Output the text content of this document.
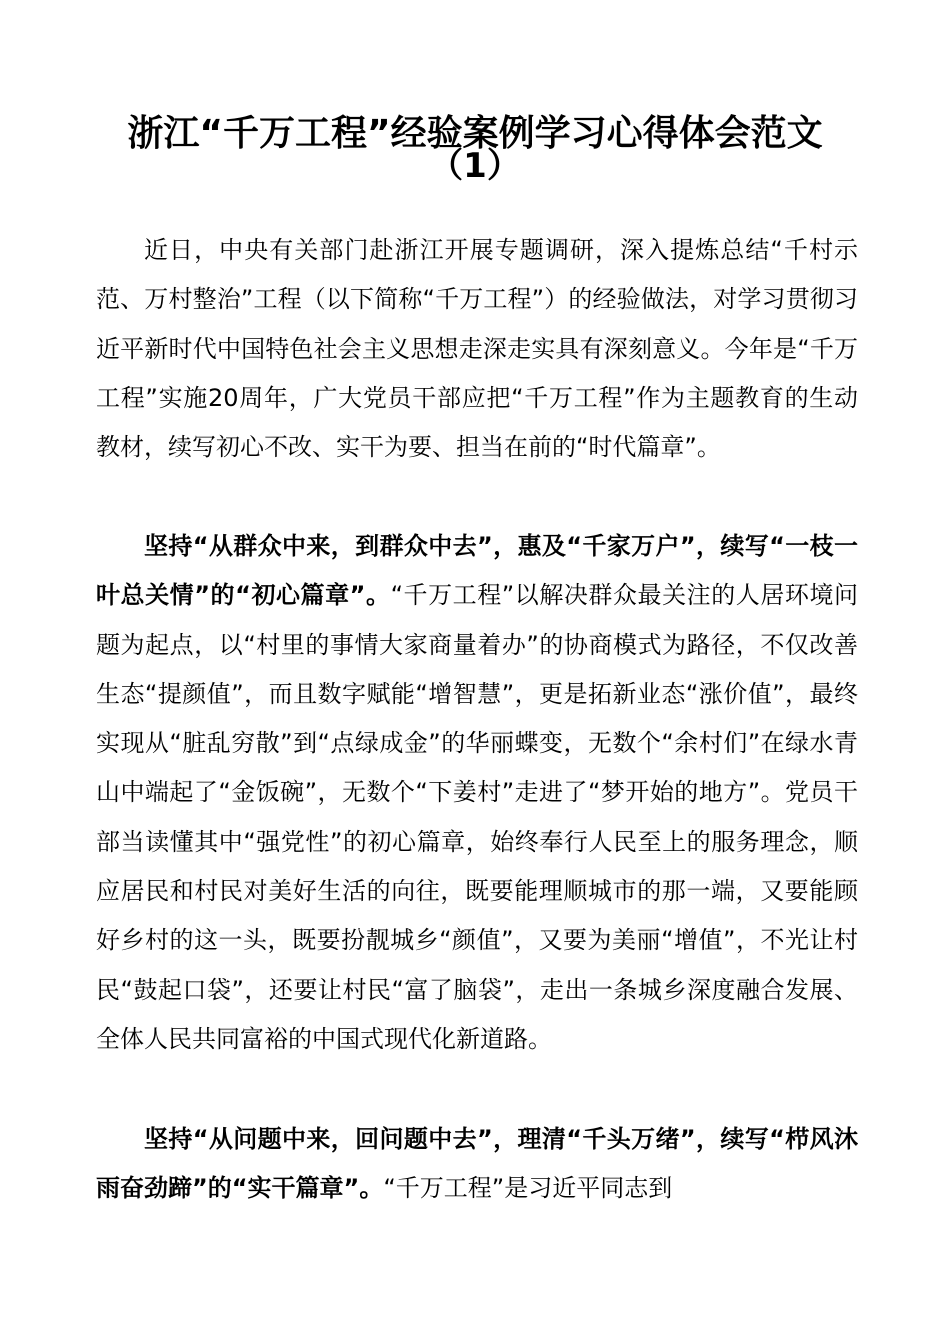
浙江“千万工程”经验案例学习心得体会范文
（1）

近日，中央有关部门赴浙江开展专题调研，深入提炼总结“千村示范、万村整治”工程（以下简称“千万工程”）的经验做法，对学习贯彻习近平新时代中国特色社会主义思想走深走实具有深刻意义。今年是“千万工程”实施20周年，广大党员干部应把“千万工程”作为主题教育的生动教材，续写初心不改、实干为要、担当在前的“时代篇章”。

坚持“从群众中来，到群众中去”，惠及“千家万户”，续写“一枝一叶总关情”的“初心篇章”。“千万工程”以解决群众最关注的人居环境问题为起点，以“村里的事情大家商量着办”的协商模式为路径，不仅改善生态“提颜值”，而且数字赋能“增智慧”，更是拓新业态“涨价值”，最终实现从“脏乱穷散”到“点绿成金”的华丽蝶变，无数个“余村们”在绿水青山中端起了“金饭碗”，无数个“下姜村”走进了“梦开始的地方”。党员干部当读懂其中“强党性”的初心篇章，始终奉行人民至上的服务理念，顺应居民和村民对美好生活的向往，既要能理顺城市的那一端，又要能顾好乡村的这一头，既要扮靓城乡“颜值”，又要为美丽“增值”，不光让村民“鼓起口袋”，还要让村民“富了脑袋”，走出一条城乡深度融合发展、全体人民共同富裕的中国式现代化新道路。

坚持“从问题中来，回问题中去”，理清“千头万绪”，续写“栉风沐雨奋劲蹄”的“实干篇章”。“千万工程”是习近平同志到
